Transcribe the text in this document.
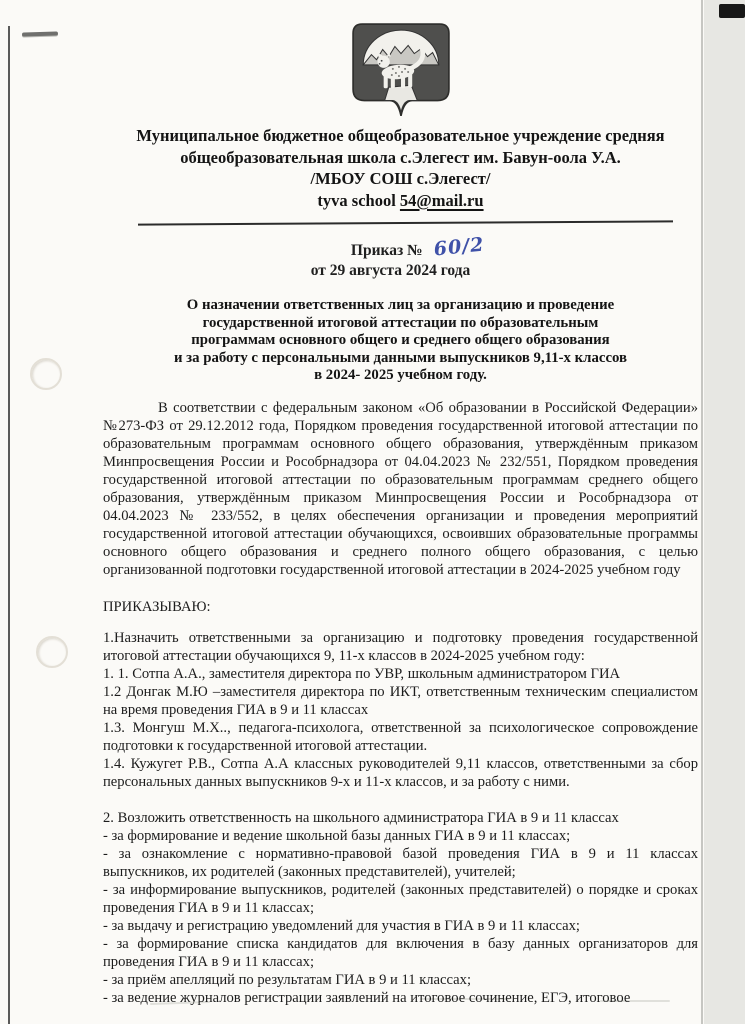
Муниципальное бюджетное общеобразовательное учреждение средняя
общеобразовательная школа с.Элегест им. Бавун-оола У.А.
/МБОУ СОШ с.Элегест/
tyva school 54@mail.ru
Приказ № 60/2
от 29 августа 2024 года
О назначении ответственных лиц за организацию и проведение
государственной итоговой аттестации по образовательным
программам основного общего и среднего общего образования
и за работу с персональными данными выпускников 9,11-х классов
в 2024- 2025 учебном году.

В соответствии с федеральным законом «Об образовании в Российской Федерации» №273-ФЗ от 29.12.2012 года, Порядком проведения государственной итоговой аттестации по образовательным программам основного общего образования, утверждённым приказом Минпросвещения России и Рособрнадзора от 04.04.2023 № 232/551, Порядком проведения государственной итоговой аттестации по образовательным программам среднего общего образования, утверждённым приказом Минпросвещения России и Рособрнадзора от 04.04.2023 № 233/552, в целях обеспечения организации и проведения мероприятий государственной итоговой аттестации обучающихся, освоивших образовательные программы основного общего образования и среднего полного общего образования, с целью организованной подготовки государственной итоговой аттестации в 2024-2025 учебном году

ПРИКАЗЫВАЮ:

1.Назначить ответственными за организацию и подготовку проведения государственной итоговой аттестации обучающихся 9, 11-х классов в 2024-2025 учебном году:

1. 1. Сотпа А.А., заместителя директора по УВР, школьным администратором ГИА

1.2 Донгак М.Ю –заместителя директора по ИКТ, ответственным техническим специалистом на время проведения ГИА в 9 и 11 классах

1.3. Монгуш М.Х.., педагога-психолога, ответственной за психологическое сопровождение подготовки к государственной итоговой аттестации.

1.4. Кужугет Р.В., Сотпа А.А классных руководителей 9,11 классов, ответственными за сбор персональных данных выпускников 9-х и 11-х классов, и за работу с ними.

2. Возложить ответственность на школьного администратора ГИА в 9 и 11 классах

- за формирование и ведение школьной базы данных ГИА в 9 и 11 классах;

- за ознакомление с нормативно-правовой базой проведения ГИА в 9 и 11 классах выпускников, их родителей (законных представителей), учителей;

- за информирование выпускников, родителей (законных представителей) о порядке и сроках проведения ГИА в 9 и 11 классах;

- за выдачу и регистрацию уведомлений для участия в ГИА в 9 и 11 классах;

- за формирование списка кандидатов для включения в базу данных организаторов для проведения ГИА в 9 и 11 классах;

- за приём апелляций по результатам ГИА в 9 и 11 классах;

- за ведение журналов регистрации заявлений на итоговое сочинение, ЕГЭ, итоговое
